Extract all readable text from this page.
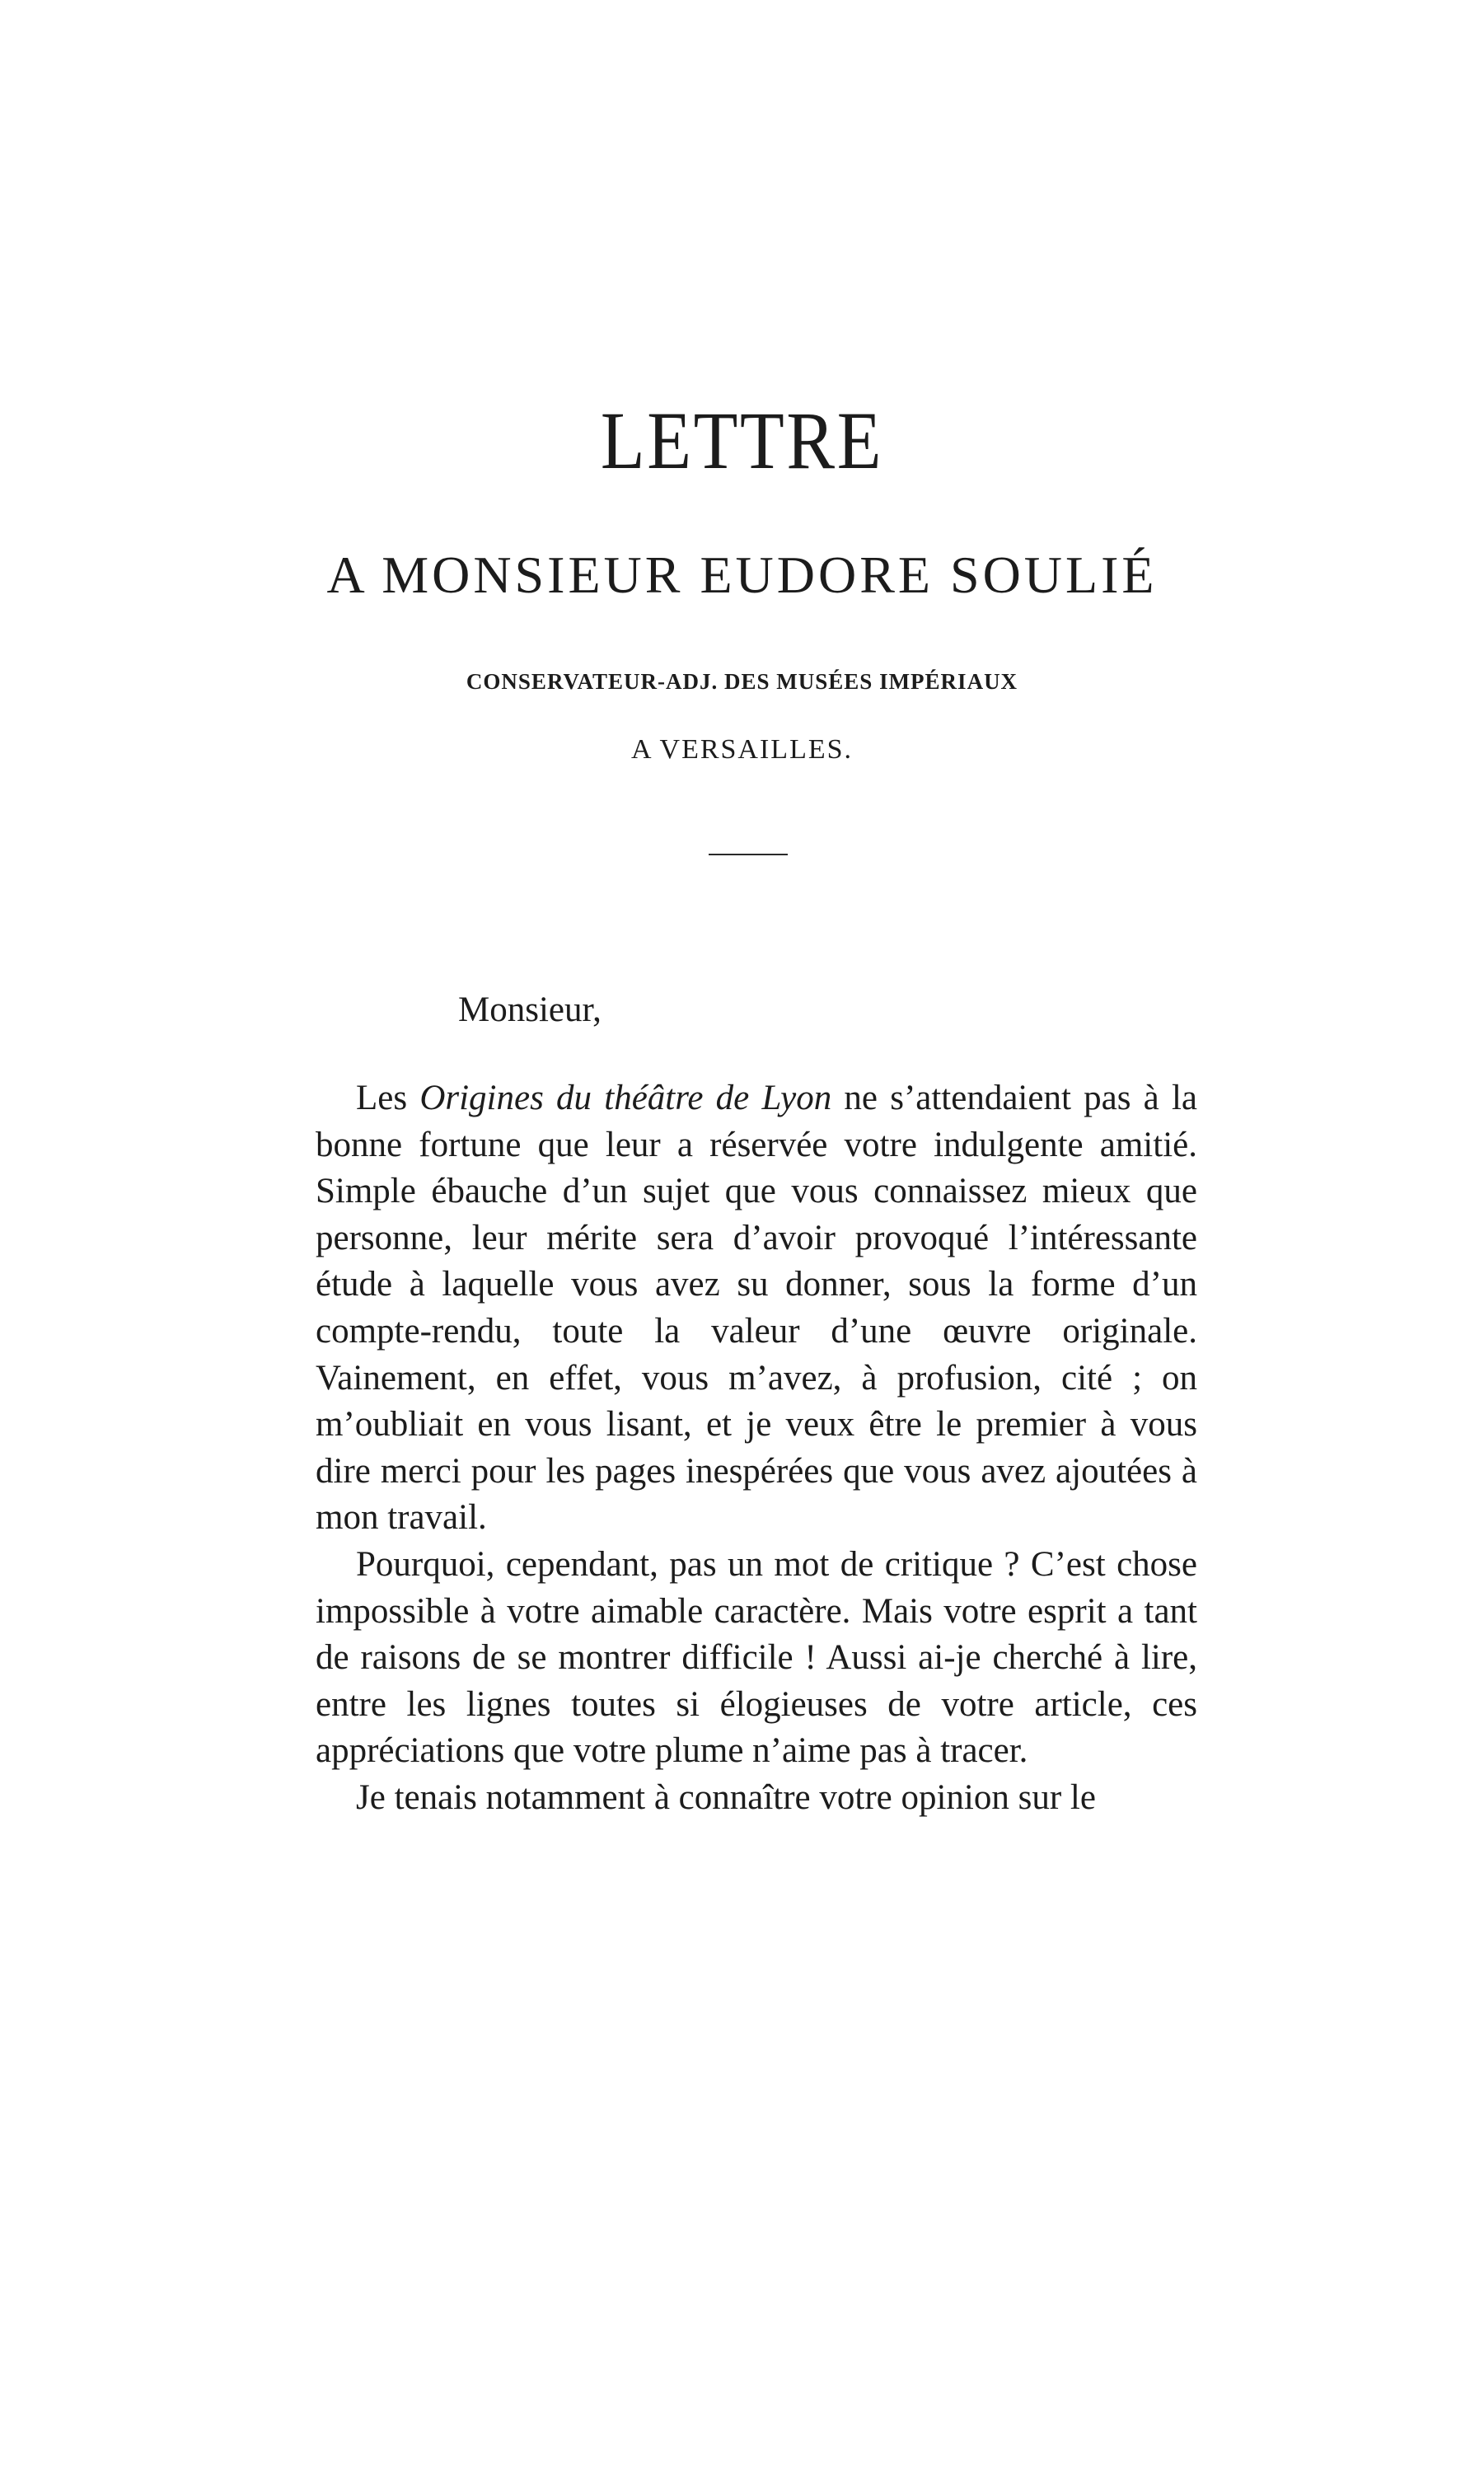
LETTRE
A MONSIEUR EUDORE SOULIÉ
CONSERVATEUR-ADJ. DES MUSÉES IMPÉRIAUX
A VERSAILLES.
Monsieur,

Les Origines du théâtre de Lyon ne s’attendaient pas à la bonne fortune que leur a réservée votre indulgente amitié. Simple ébauche d’un sujet que vous connaissez mieux que personne, leur mérite sera d’avoir provoqué l’intéressante étude à laquelle vous avez su donner, sous la forme d’un compte-rendu, toute la valeur d’une œuvre originale. Vainement, en effet, vous m’avez, à profusion, cité ; on m’oubliait en vous lisant, et je veux être le premier à vous dire merci pour les pages inespérées que vous avez ajoutées à mon travail.

Pourquoi, cependant, pas un mot de critique ? C’est chose impossible à votre aimable caractère. Mais votre esprit a tant de raisons de se montrer difficile ! Aussi ai-je cherché à lire, entre les lignes toutes si élogieuses de votre article, ces appréciations que votre plume n’aime pas à tracer.

Je tenais notamment à connaître votre opinion sur le
